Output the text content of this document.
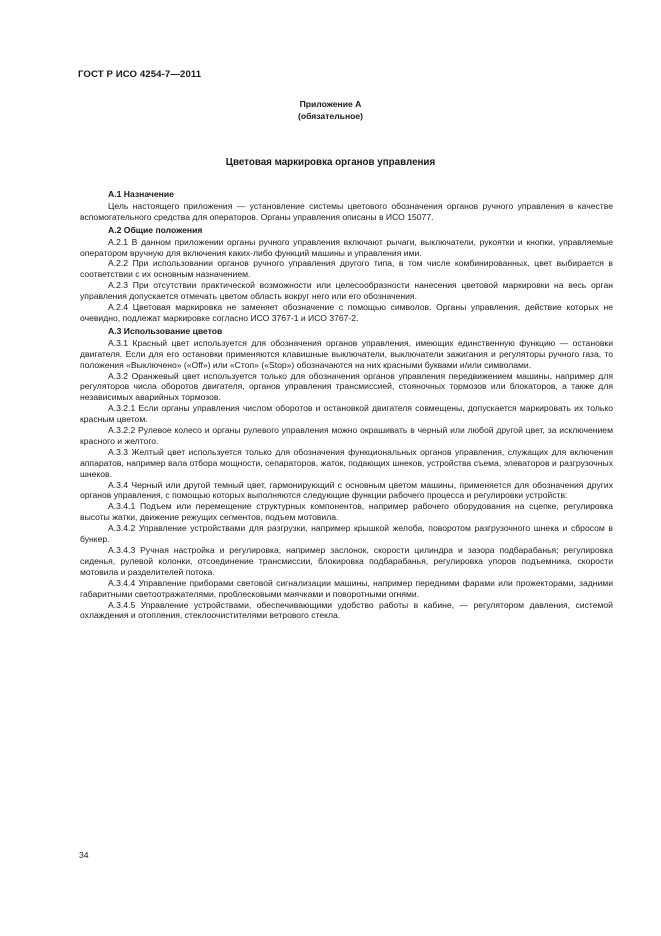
ГОСТ Р ИСО 4254-7—2011
Приложение А
(обязательное)
Цветовая маркировка органов управления

А.1 Назначение

Цель настоящего приложения — установление системы цветового обозначения органов ручного управления в качестве вспомогательного средства для операторов. Органы управления описаны в ИСО 15077.

А.2 Общие положения

А.2.1 В данном приложении органы ручного управления включают рычаги, выключатели, рукоятки и кнопки, управляемые оператором вручную для включения каких-либо функций машины и управления ими.

А.2.2 При использовании органов ручного управления другого типа, в том числе комбинированных, цвет выбирается в соответствии с их основным назначением.

А.2.3 При отсутствии практической возможности или целесообразности нанесения цветовой маркировки на весь орган управления допускается отмечать цветом область вокруг него или его обозначения.

А.2.4 Цветовая маркировка не заменяет обозначение с помощью символов. Органы управления, действие которых не очевидно, подлежат маркировке согласно ИСО 3767-1 и ИСО 3767-2.

А.3 Использование цветов

А.3.1 Красный цвет используется для обозначения органов управления, имеющих единственную функцию — остановки двигателя. Если для его остановки применяются клавишные выключатели, выключатели зажигания и регуляторы ручного газа, то положения «Выключено» («Off») или «Стоп» («Stop») обозначаются на них красными буквами и/или символами.

А.3.2 Оранжевый цвет используется только для обозначения органов управления передвижением машины, например для регуляторов числа оборотов двигателя, органов управления трансмиссией, стояночных тормозов или блокаторов, а также для независимых аварийных тормозов.

А.3.2.1 Если органы управления числом оборотов и остановкой двигателя совмещены, допускается маркировать их только красным цветом.

А.3.2.2 Рулевое колесо и органы рулевого управления можно окрашивать в черный или любой другой цвет, за исключением красного и желтого.

А.3.3 Желтый цвет используется только для обозначения функциональных органов управления, служащих для включения аппаратов, например вала отбора мощности, сепараторов, жаток, подающих шнеков, устройства съема, элеваторов и разгрузочных шнеков.

А.3.4 Черный или другой темный цвет, гармонирующий с основным цветом машины, применяется для обозначения других органов управления, с помощью которых выполняются следующие функции рабочего процесса и регулировки устройств:

А.3.4.1 Подъем или перемещение структурных компонентов, например рабочего оборудования на сцепке, регулировка высоты жатки, движение режущих сегментов, подъем мотовила.

А.3.4.2 Управление устройствами для разгрузки, например крышкой желоба, поворотом разгрузочного шнека и сбросом в бункер.

А.3.4.3 Ручная настройка и регулировка, например заслонок, скорости цилиндра и зазора подбарабанья; регулировка сиденья, рулевой колонки, отсоединение трансмиссии, блокировка подбарабанья, регулировка упоров подъемника, скорости мотовила и разделителей потока.

А.3.4.4 Управление приборами световой сигнализации машины, например передними фарами или прожекторами, задними габаритными светоотражателями, проблесковыми маячками и поворотными огнями.

А.3.4.5 Управление устройствами, обеспечивающими удобство работы в кабине, — регулятором давления, системой охлаждения и отопления, стеклоочистителями ветрового стекла.

34
